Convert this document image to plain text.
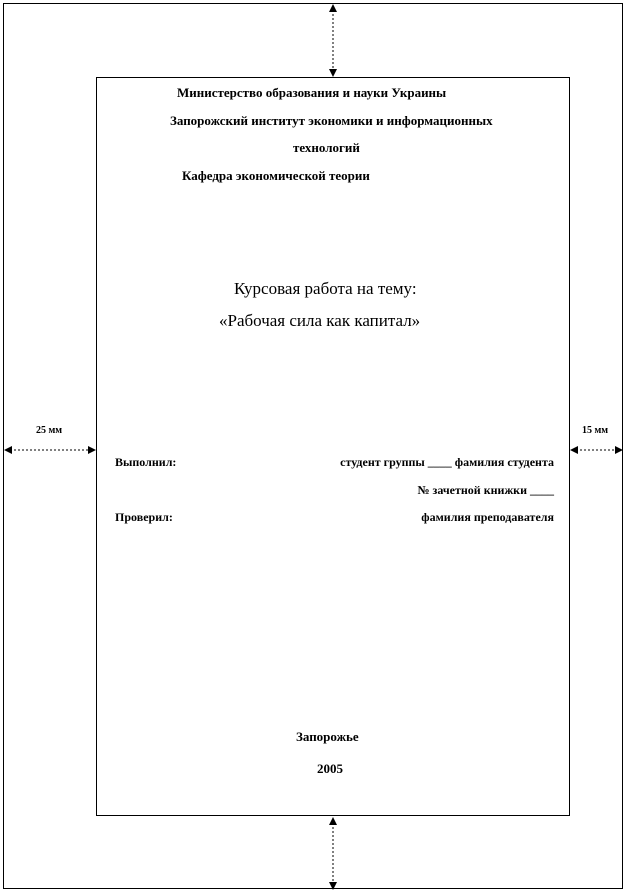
25 мм	15 мм
Министерство образования и науки Украины
Запорожский институт экономики и информационных
технологий
Кафедра экономической теории
Курсовая работа на тему:
«Рабочая сила как капитал»
Выполнил:	студент группы ____ фамилия студента
№ зачетной книжки ____
Проверил:	фамилия преподавателя
Запорожье
2005
